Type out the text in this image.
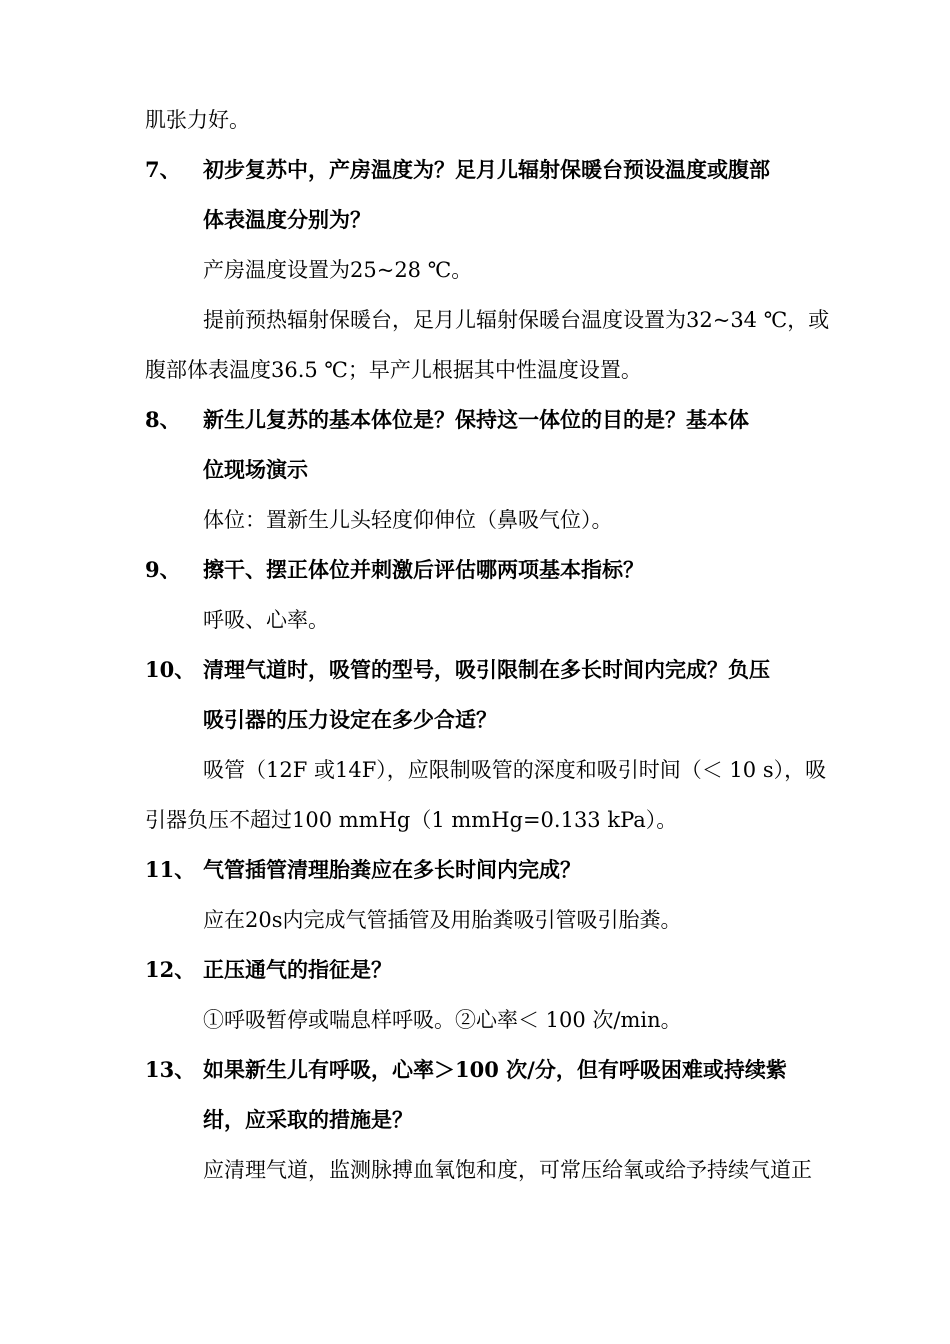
肌张力好。
7、 初步复苏中，产房温度为？足月儿辐射保暖台预设温度或腹部
体表温度分别为？
产房温度设置为25~28 ℃。
提前预热辐射保暖台，足月儿辐射保暖台温度设置为32~34 ℃，或
腹部体表温度36.5 ℃；早产儿根据其中性温度设置。
8、 新生儿复苏的基本体位是？保持这一体位的目的是？基本体
位现场演示
体位：置新生儿头轻度仰伸位（鼻吸气位）。
9、 擦干、摆正体位并刺激后评估哪两项基本指标？
呼吸、心率。
10、 清理气道时，吸管的型号，吸引限制在多长时间内完成？负压
吸引器的压力设定在多少合适？
吸管（12F 或14F），应限制吸管的深度和吸引时间（＜ 10 s），吸
引器负压不超过100 mmHg（1 mmHg=0.133 kPa）。
11、 气管插管清理胎粪应在多长时间内完成？
应在20s内完成气管插管及用胎粪吸引管吸引胎粪。
12、 正压通气的指征是？
①呼吸暂停或喘息样呼吸。②心率＜ 100 次/min。
13、 如果新生儿有呼吸，心率＞100 次/分，但有呼吸困难或持续紫
绀，应采取的措施是？
应清理气道，监测脉搏血氧饱和度，可常压给氧或给予持续气道正
